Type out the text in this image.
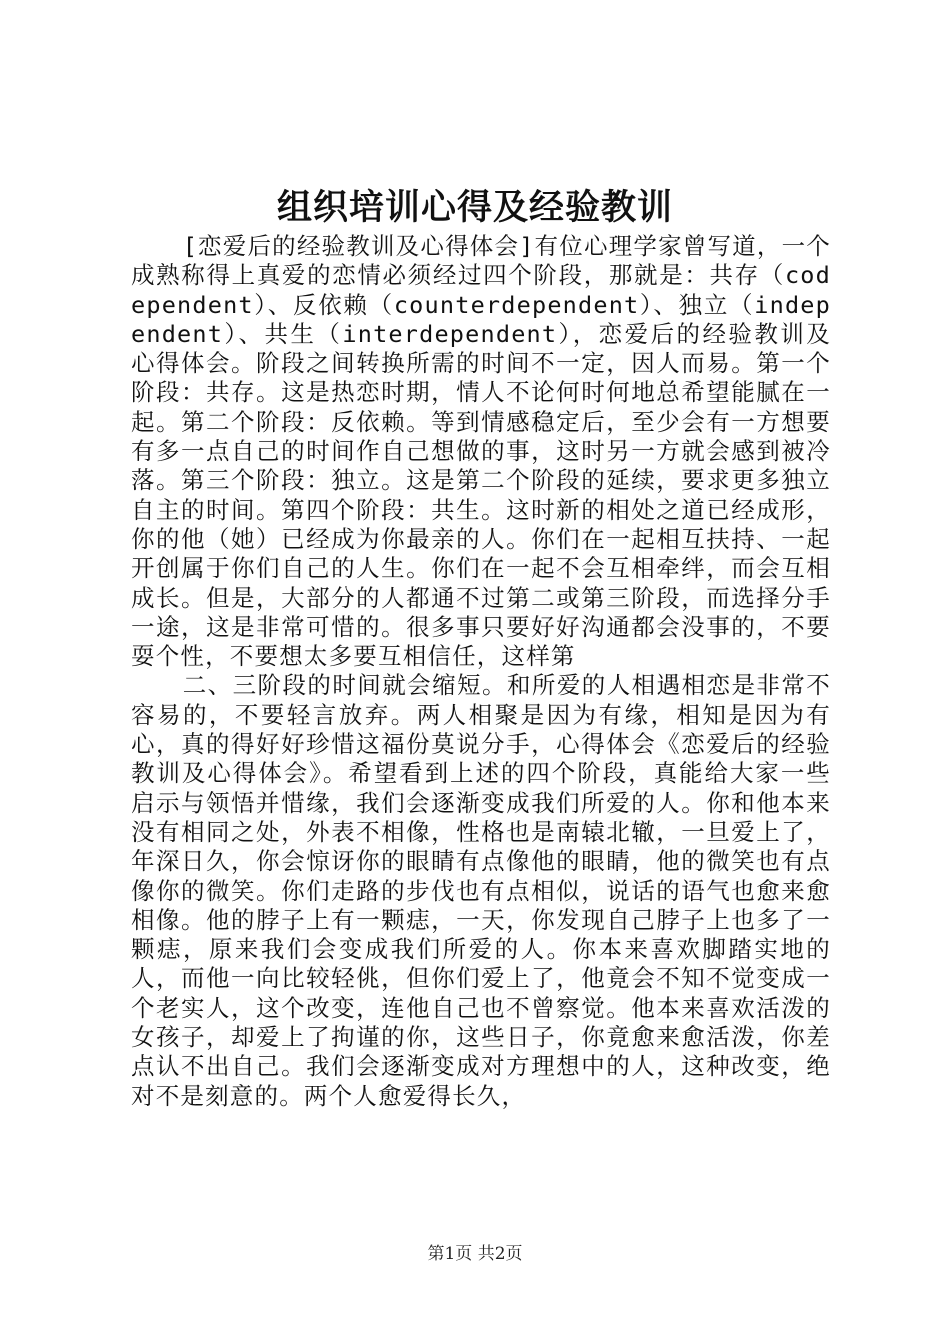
组织培训心得及经验教训

[恋爱后的经验教训及心得体会]有位心理学家曾写道，一个成熟称得上真爱的恋情必须经过四个阶段，那就是：共存（codependent）、反依赖（counterdependent）、独立（independent）、共生（interdependent），恋爱后的经验教训及心得体会。阶段之间转换所需的时间不一定，因人而易。第一个阶段：共存。这是热恋时期，情人不论何时何地总希望能腻在一起。第二个阶段：反依赖。等到情感稳定后，至少会有一方想要有多一点自己的时间作自己想做的事，这时另一方就会感到被冷落。第三个阶段：独立。这是第二个阶段的延续，要求更多独立自主的时间。第四个阶段：共生。这时新的相处之道已经成形，你的他（她）已经成为你最亲的人。你们在一起相互扶持、一起开创属于你们自己的人生。你们在一起不会互相牵绊，而会互相成长。但是，大部分的人都通不过第二或第三阶段，而选择分手一途，这是非常可惜的。很多事只要好好沟通都会没事的，不要耍个性，不要想太多要互相信任，这样第

二、三阶段的时间就会缩短。和所爱的人相遇相恋是非常不容易的，不要轻言放弃。两人相聚是因为有缘，相知是因为有心，真的得好好珍惜这福份莫说分手，心得体会《恋爱后的经验教训及心得体会》。希望看到上述的四个阶段，真能给大家一些启示与领悟并惜缘，我们会逐渐变成我们所爱的人。你和他本来没有相同之处，外表不相像，性格也是南辕北辙，一旦爱上了，年深日久，你会惊讶你的眼睛有点像他的眼睛，他的微笑也有点像你的微笑。你们走路的步伐也有点相似，说话的语气也愈来愈相像。他的脖子上有一颗痣，一天，你发现自己脖子上也多了一颗痣，原来我们会变成我们所爱的人。你本来喜欢脚踏实地的人，而他一向比较轻佻，但你们爱上了，他竟会不知不觉变成一个老实人，这个改变，连他自己也不曾察觉。他本来喜欢活泼的女孩子，却爱上了拘谨的你，这些日子，你竟愈来愈活泼，你差点认不出自己。我们会逐渐变成对方理想中的人，这种改变，绝对不是刻意的。两个人愈爱得长久，

第1页 共2页
